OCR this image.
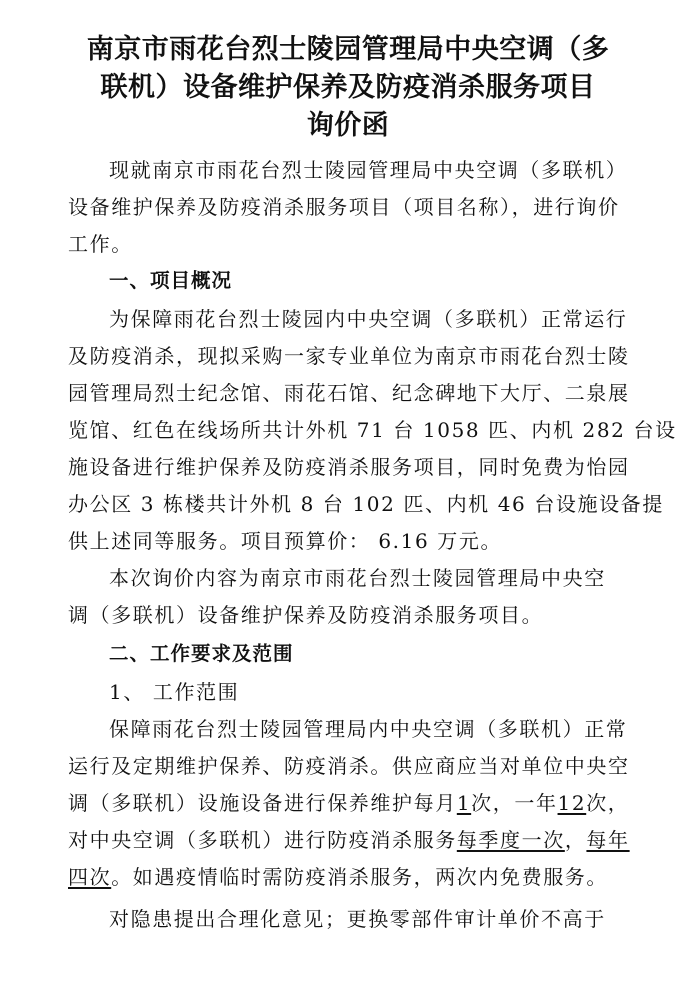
南京市雨花台烈士陵园管理局中央空调（多
联机）设备维护保养及防疫消杀服务项目
询价函
现就南京市雨花台烈士陵园管理局中央空调（多联机）
设备维护保养及防疫消杀服务项目（项目名称），进行询价
工作。
一、项目概况
为保障雨花台烈士陵园内中央空调（多联机）正常运行
及防疫消杀，现拟采购一家专业单位为南京市雨花台烈士陵
园管理局烈士纪念馆、雨花石馆、纪念碑地下大厅、二泉展
览馆、红色在线场所共计外机 71 台 1058 匹、内机 282 台设
施设备进行维护保养及防疫消杀服务项目，同时免费为怡园
办公区 3 栋楼共计外机 8 台 102 匹、内机 46 台设施设备提
供上述同等服务。项目预算价： 6.16 万元。
本次询价内容为南京市雨花台烈士陵园管理局中央空
调（多联机）设备维护保养及防疫消杀服务项目。
二、工作要求及范围
1、 工作范围
保障雨花台烈士陵园管理局内中央空调（多联机）正常
运行及定期维护保养、防疫消杀。供应商应当对单位中央空
调（多联机）设施设备进行保养维护每月1次，一年12次，
对中央空调（多联机）进行防疫消杀服务每季度一次，每年
四次。如遇疫情临时需防疫消杀服务，两次内免费服务。
对隐患提出合理化意见；更换零部件审计单价不高于
